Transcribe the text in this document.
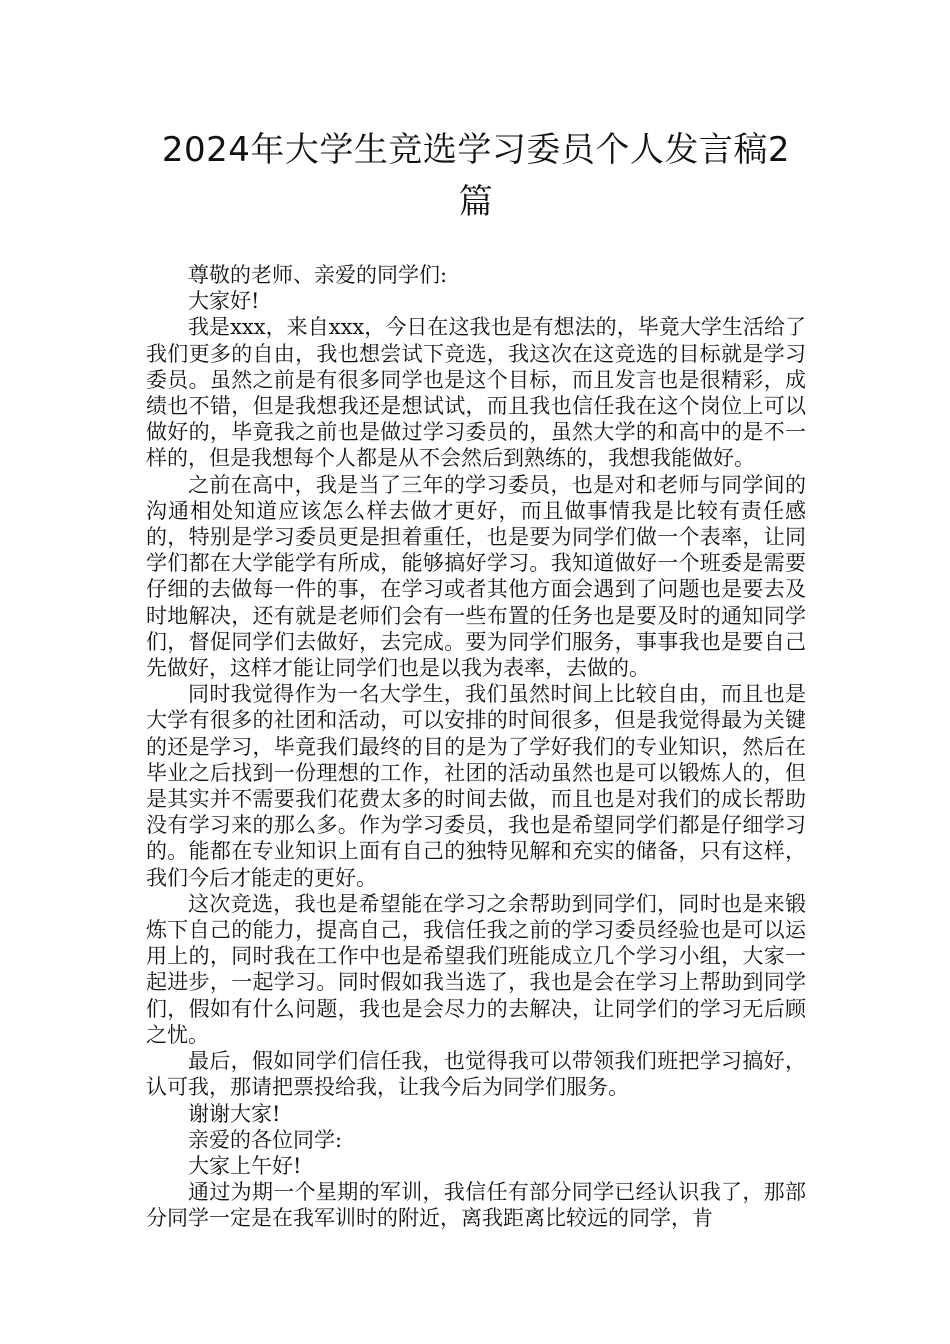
2024年大学生竞选学习委员个人发言稿2篇

尊敬的老师、亲爱的同学们:

大家好!

我是xxx，来自xxx，今日在这我也是有想法的，毕竟大学生活给了我们更多的自由，我也想尝试下竞选，我这次在这竞选的目标就是学习委员。虽然之前是有很多同学也是这个目标，而且发言也是很精彩，成绩也不错，但是我想我还是想试试，而且我也信任我在这个岗位上可以做好的，毕竟我之前也是做过学习委员的，虽然大学的和高中的是不一样的，但是我想每个人都是从不会然后到熟练的，我想我能做好。

之前在高中，我是当了三年的学习委员，也是对和老师与同学间的沟通相处知道应该怎么样去做才更好，而且做事情我是比较有责任感的，特别是学习委员更是担着重任，也是要为同学们做一个表率，让同学们都在大学能学有所成，能够搞好学习。我知道做好一个班委是需要仔细的去做每一件的事，在学习或者其他方面会遇到了问题也是要去及时地解决，还有就是老师们会有一些布置的任务也是要及时的通知同学们，督促同学们去做好，去完成。要为同学们服务，事事我也是要自己先做好，这样才能让同学们也是以我为表率，去做的。

同时我觉得作为一名大学生，我们虽然时间上比较自由，而且也是大学有很多的社团和活动，可以安排的时间很多，但是我觉得最为关键的还是学习，毕竟我们最终的目的是为了学好我们的专业知识，然后在毕业之后找到一份理想的工作，社团的活动虽然也是可以锻炼人的，但是其实并不需要我们花费太多的时间去做，而且也是对我们的成长帮助没有学习来的那么多。作为学习委员，我也是希望同学们都是仔细学习的。能都在专业知识上面有自己的独特见解和充实的储备，只有这样，我们今后才能走的更好。

这次竞选，我也是希望能在学习之余帮助到同学们，同时也是来锻炼下自己的能力，提高自己，我信任我之前的学习委员经验也是可以运用上的，同时我在工作中也是希望我们班能成立几个学习小组，大家一起进步，一起学习。同时假如我当选了，我也是会在学习上帮助到同学们，假如有什么问题，我也是会尽力的去解决，让同学们的学习无后顾之忧。

最后，假如同学们信任我，也觉得我可以带领我们班把学习搞好，认可我，那请把票投给我，让我今后为同学们服务。

谢谢大家!

亲爱的各位同学:

大家上午好!

通过为期一个星期的军训，我信任有部分同学已经认识我了，那部分同学一定是在我军训时的附近，离我距离比较远的同学，肯
